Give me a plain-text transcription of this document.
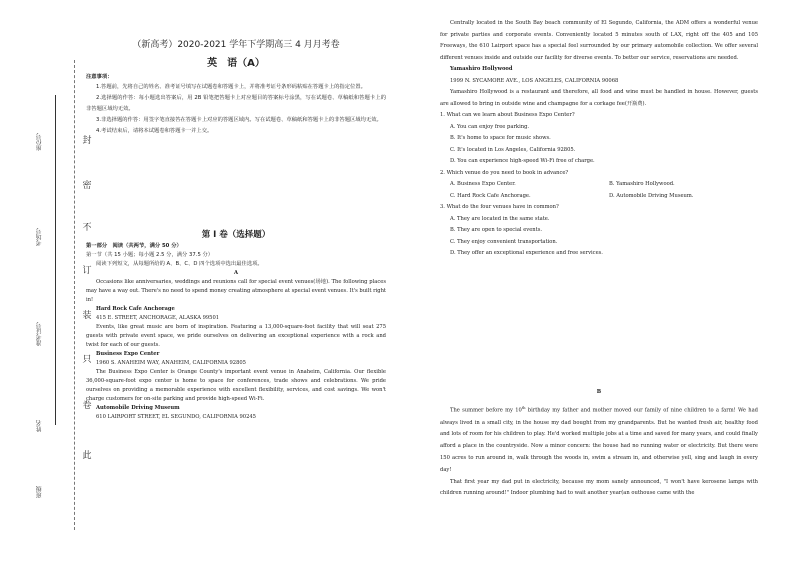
此
卷
只
装
订
不
密
封
班级
姓名
准考证号
考场号
座位号
（新高考）2020-2021 学年下学期高三 4 月月考卷
英　语（A）

注意事项：

1.答题前，先将自己的姓名、准考证号填写在试题卷和答题卡上，并将准考证号条形码粘贴在答题卡上的指定位置。

2.选择题的作答：每小题选出答案后，用 2B 铅笔把答题卡上对应题目的答案标号涂黑，写在试题卷、草稿纸和答题卡上的非答题区域均无效。

3.非选择题的作答：用签字笔直接答在答题卡上对应的答题区域内。写在试题卷、草稿纸和答题卡上的非答题区域均无效。

4.考试结束后，请将本试题卷和答题卡一并上交。

第 I 卷（选择题）

第一部分　阅读（共两节，满分 50 分）

第一节（共 15 小题；每小题 2.5 分，满分 37.5 分）

阅读下列短文，从每题所给的 A、B、C、D 四个选项中选出最佳选项。

A

Occasions like anniversaries, weddings and reunions call for special event venues(场地). The following places may have a way out. There's no need to spend money creating atmosphere at special event venues. It's built right in!

Hard Rock Cafe Anchorage

415 E. STREET, ANCHORAGE, ALASKA 99501

Events, like great music are born of inspiration. Featuring a 13,000-square-foot facility that will seat 275 guests with private event space, we pride ourselves on delivering an exceptional experience with a rock and twist for each of our guests.

Business Expo Center

1960 S. ANAHEIM WAY, ANAHEIM, CALIFORNIA 92805

The Business Expo Center is Orange County's important event venue in Anaheim, California. Our flexible 36,000-square-foot expo center is home to space for conferences, trade shows and celebrations. We pride ourselves on providing a memorable experience with excellent flexibility, services, and cost savings. We won't charge customers for on-site parking and provide high-speed Wi-Fi.

Automobile Driving Museum

610 LAIRPORT STREET, EL SEGUNDO, CALIFORNIA 90245

Centrally located in the South Bay beach community of El Segundo, California, the ADM offers a wonderful venue for private parties and corporate events. Conveniently located 5 minutes south of LAX, right off the 405 and 105 Freeways, the 610 Lairport space has a special feel surrounded by our primary automobile collection. We offer several different venues inside and outside our facility for diverse events. To better our service, reservations are needed.

Yamashiro Hollywood

1999 N. SYCAMORE AVE., LOS ANGELES, CALIFORNIA 90068

Yamashiro Hollywood is a restaurant and therefore, all food and wine must be handled in house. However, guests are allowed to bring in outside wine and champagne for a corkage fee(开瓶费).

1. What can we learn about Business Expo Center?

A. You can enjoy free parking.

B. It's home to space for music shows.

C. It's located in Los Angeles, California 92805.

D. You can experience high-speed Wi-Fi free of charge.

2. Which venue do you need to book in advance?

A. Business Expo Center.	B. Yamashiro Hollywood.

C. Hard Rock Cafe Anchorage.	D. Automobile Driving Museum.

3. What do the four venues have in common?

A. They are located in the same state.

B. They are open to special events.

C. They enjoy convenient transportation.

D. They offer an exceptional experience and free services.

B

The summer before my 10th birthday my father and mother moved our family of nine children to a farm! We had always lived in a small city, in the house my dad bought from my grandparents. But he wanted fresh air, healthy food and lots of room for his children to play. He'd worked multiple jobs at a time and saved for many years, and could finally afford a place in the countryside. Now a minor concern: the house had no running water or electricity. But there were 150 acres to run around in, walk through the woods in, swim a stream in, and otherwise yell, sing and laugh in every day!

That first year my dad put in electricity, because my mom sanely announced, "I won't have kerosene lamps with children running around!" Indoor plumbing had to wait another year(an outhouse came with the
